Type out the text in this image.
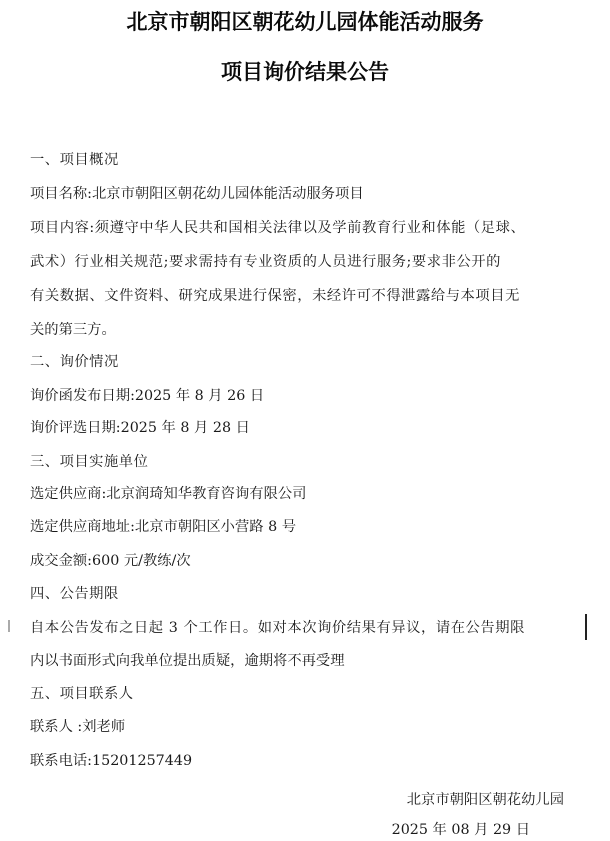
北京市朝阳区朝花幼儿园体能活动服务
项目询价结果公告
一、项目概况
项目名称:北京市朝阳区朝花幼儿园体能活动服务项目
项目内容:须遵守中华人民共和国相关法律以及学前教育行业和体能（足球、
武术）行业相关规范;要求需持有专业资质的人员进行服务;要求非公开的
有关数据、文件资料、研究成果进行保密，未经许可不得泄露给与本项目无
关的第三方。
二、询价情况
询价函发布日期:2025 年 8 月 26 日
询价评选日期:2025 年 8 月 28 日
三、项目实施单位
选定供应商:北京润琦知华教育咨询有限公司
选定供应商地址:北京市朝阳区小营路 8 号
成交金额:600 元/教练/次
四、公告期限
自本公告发布之日起 3 个工作日。如对本次询价结果有异议，请在公告期限
内以书面形式向我单位提出质疑，逾期将不再受理
五、项目联系人
联系人 :刘老师
联系电话:15201257449
北京市朝阳区朝花幼儿园
2025 年 08 月 29 日
